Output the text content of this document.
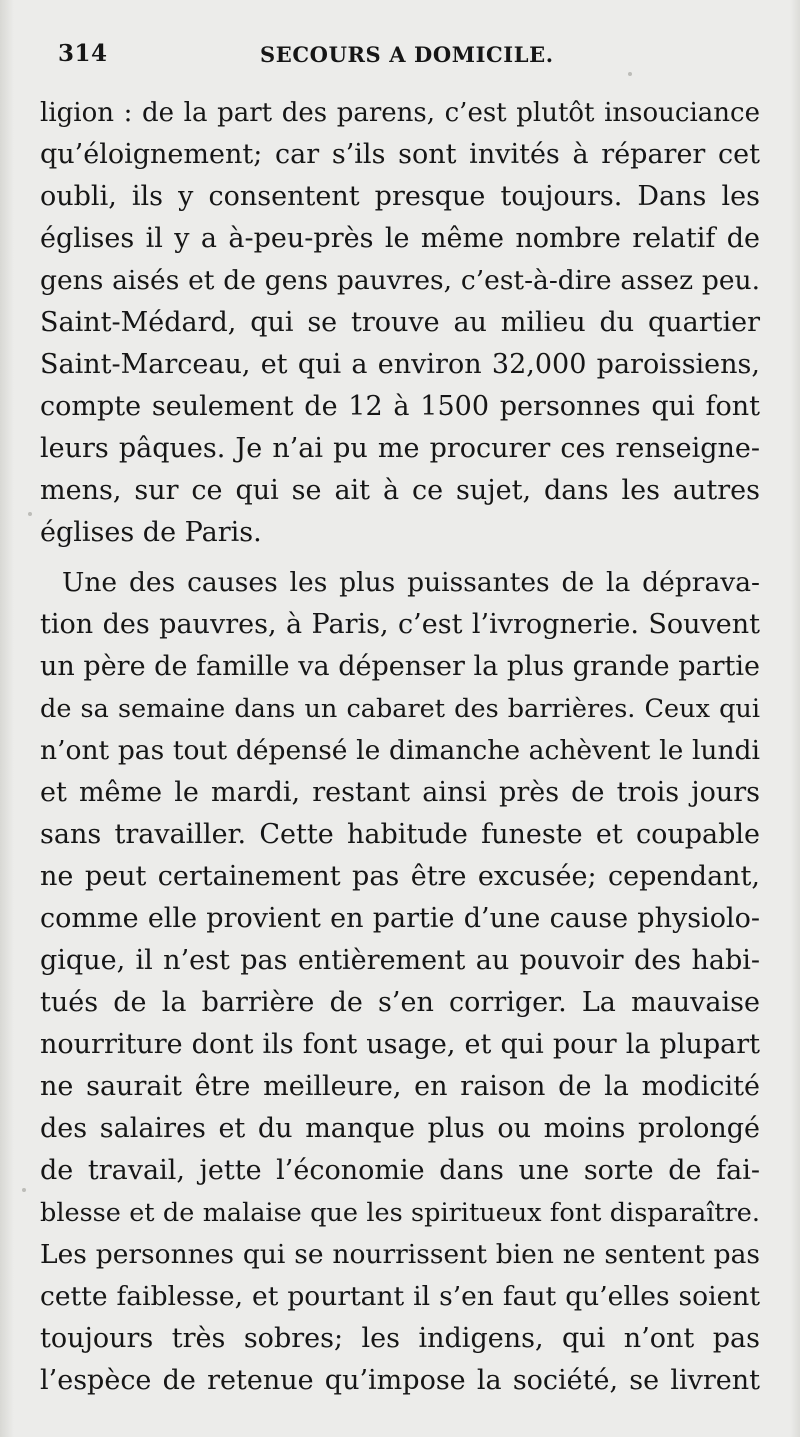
314	SECOURS A DOMICILE.
ligion : de la part des parens, c’est plutôt insouciance
qu’éloignement; car s’ils sont invités à réparer cet
oubli, ils y consentent presque toujours. Dans les
églises il y a à-peu-près le même nombre relatif de
gens aisés et de gens pauvres, c’est-à-dire assez peu.
Saint-Médard, qui se trouve au milieu du quartier
Saint-Marceau, et qui a environ 32,000 paroissiens,
compte seulement de 12 à 1500 personnes qui font
leurs pâques. Je n’ai pu me procurer ces renseigne-
mens, sur ce qui se ait à ce sujet, dans les autres
églises de Paris.
Une des causes les plus puissantes de la déprava-
tion des pauvres, à Paris, c’est l’ivrognerie. Souvent
un père de famille va dépenser la plus grande partie
de sa semaine dans un cabaret des barrières. Ceux qui
n’ont pas tout dépensé le dimanche achèvent le lundi
et même le mardi, restant ainsi près de trois jours
sans travailler. Cette habitude funeste et coupable
ne peut certainement pas être excusée; cependant,
comme elle provient en partie d’une cause physiolo-
gique, il n’est pas entièrement au pouvoir des habi-
tués de la barrière de s’en corriger. La mauvaise
nourriture dont ils font usage, et qui pour la plupart
ne saurait être meilleure, en raison de la modicité
des salaires et du manque plus ou moins prolongé
de travail, jette l’économie dans une sorte de fai-
blesse et de malaise que les spiritueux font disparaître.
Les personnes qui se nourrissent bien ne sentent pas
cette faiblesse, et pourtant il s’en faut qu’elles soient
toujours très sobres; les indigens, qui n’ont pas
l’espèce de retenue qu’impose la société, se livrent
